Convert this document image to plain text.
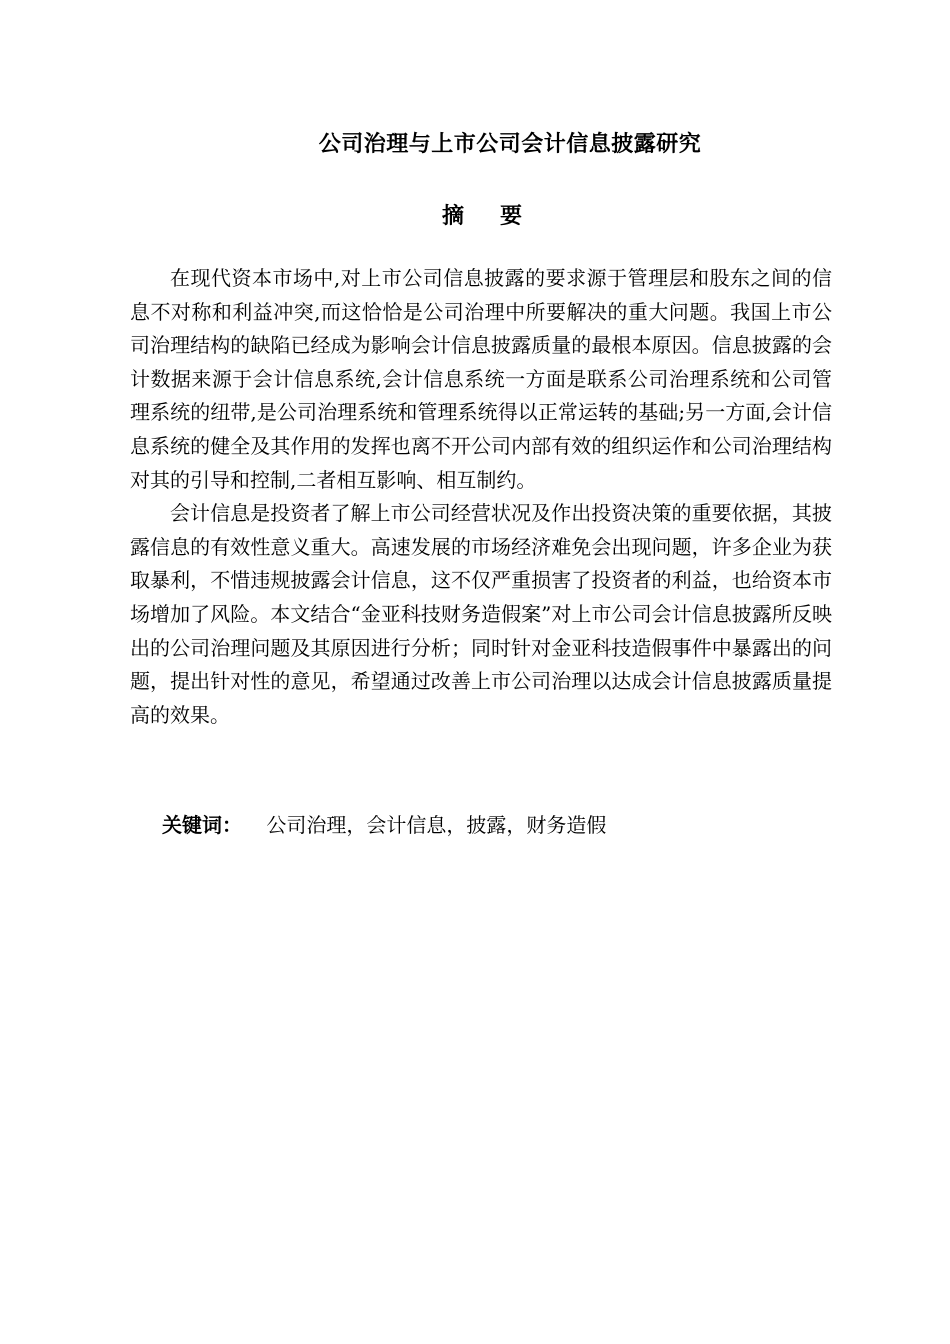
公司治理与上市公司会计信息披露研究
摘要

在现代资本市场中,对上市公司信息披露的要求源于管理层和股东之间的信息不对称和利益冲突,而这恰恰是公司治理中所要解决的重大问题。我国上市公司治理结构的缺陷已经成为影响会计信息披露质量的最根本原因。信息披露的会计数据来源于会计信息系统,会计信息系统一方面是联系公司治理系统和公司管理系统的纽带,是公司治理系统和管理系统得以正常运转的基础;另一方面,会计信息系统的健全及其作用的发挥也离不开公司内部有效的组织运作和公司治理结构对其的引导和控制,二者相互影响、相互制约。

会计信息是投资者了解上市公司经营状况及作出投资决策的重要依据，其披露信息的有效性意义重大。高速发展的市场经济难免会出现问题，许多企业为获取暴利，不惜违规披露会计信息，这不仅严重损害了投资者的利益，也给资本市场增加了风险。本文结合“金亚科技财务造假案”对上市公司会计信息披露所反映出的公司治理问题及其原因进行分析；同时针对金亚科技造假事件中暴露出的问题，提出针对性的意见，希望通过改善上市公司治理以达成会计信息披露质量提高的效果。

关键词： 公司治理，会计信息，披露，财务造假
